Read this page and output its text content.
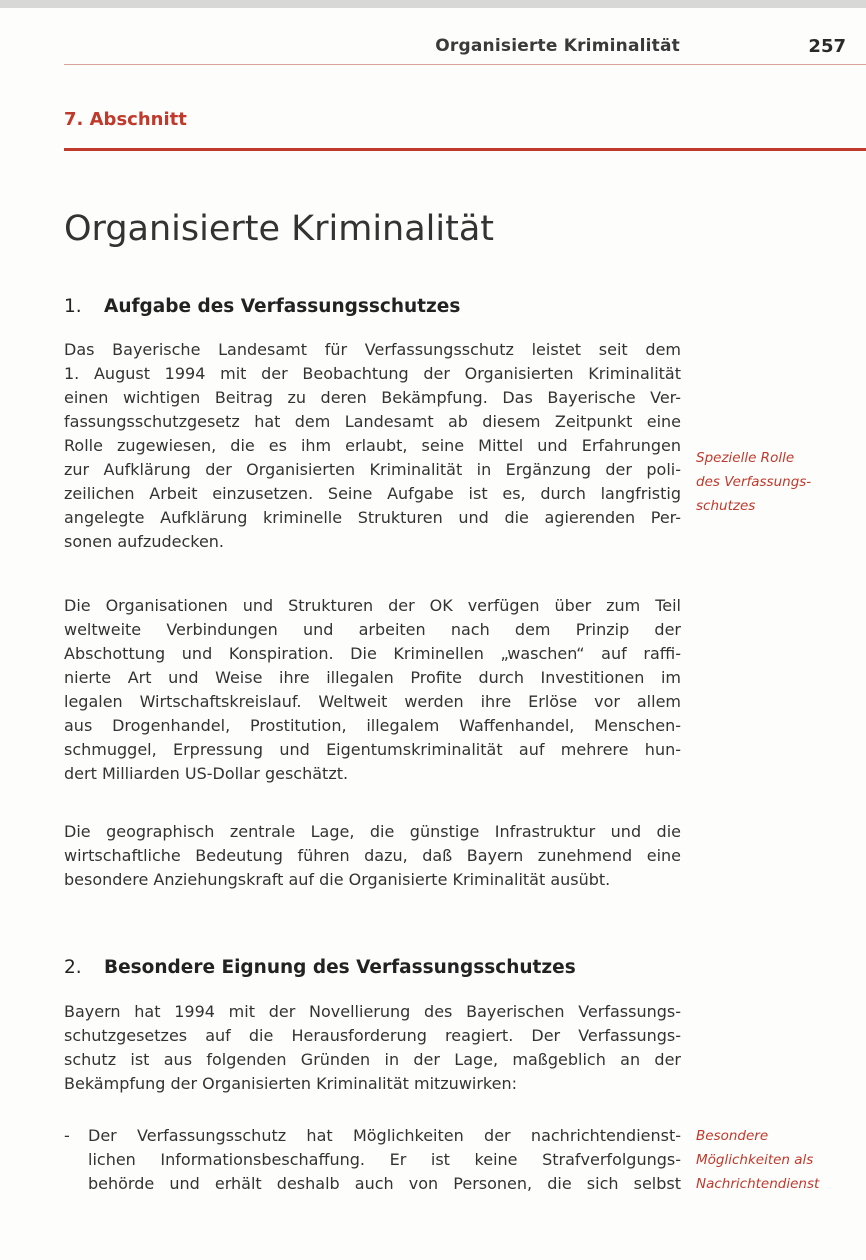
Organisierte Kriminalität	257
7. Abschnitt
Organisierte Kriminalität
1. Aufgabe des Verfassungsschutzes
Das Bayerische Landesamt für Verfassungsschutz leistet seit dem
1. August 1994 mit der Beobachtung der Organisierten Kriminalität
einen wichtigen Beitrag zu deren Bekämpfung. Das Bayerische Ver-
fassungsschutzgesetz hat dem Landesamt ab diesem Zeitpunkt eine
Rolle zugewiesen, die es ihm erlaubt, seine Mittel und Erfahrungen
zur Aufklärung der Organisierten Kriminalität in Ergänzung der poli-
zeilichen Arbeit einzusetzen. Seine Aufgabe ist es, durch langfristig
angelegte Aufklärung kriminelle Strukturen und die agierenden Per-
sonen aufzudecken.
Spezielle Rolle
des Verfassungs-
schutzes
Die Organisationen und Strukturen der OK verfügen über zum Teil
weltweite Verbindungen und arbeiten nach dem Prinzip der
Abschottung und Konspiration. Die Kriminellen „waschen“ auf raffi-
nierte Art und Weise ihre illegalen Profite durch Investitionen im
legalen Wirtschaftskreislauf. Weltweit werden ihre Erlöse vor allem
aus Drogenhandel, Prostitution, illegalem Waffenhandel, Menschen-
schmuggel, Erpressung und Eigentumskriminalität auf mehrere hun-
dert Milliarden US-Dollar geschätzt.
Die geographisch zentrale Lage, die günstige Infrastruktur und die
wirtschaftliche Bedeutung führen dazu, daß Bayern zunehmend eine
besondere Anziehungskraft auf die Organisierte Kriminalität ausübt.
2. Besondere Eignung des Verfassungsschutzes
Bayern hat 1994 mit der Novellierung des Bayerischen Verfassungs-
schutzgesetzes auf die Herausforderung reagiert. Der Verfassungs-
schutz ist aus folgenden Gründen in der Lage, maßgeblich an der
Bekämpfung der Organisierten Kriminalität mitzuwirken:
- Der Verfassungsschutz hat Möglichkeiten der nachrichtendienst-
lichen Informationsbeschaffung. Er ist keine Strafverfolgungs-
behörde und erhält deshalb auch von Personen, die sich selbst
Besondere
Möglichkeiten als
Nachrichtendienst
